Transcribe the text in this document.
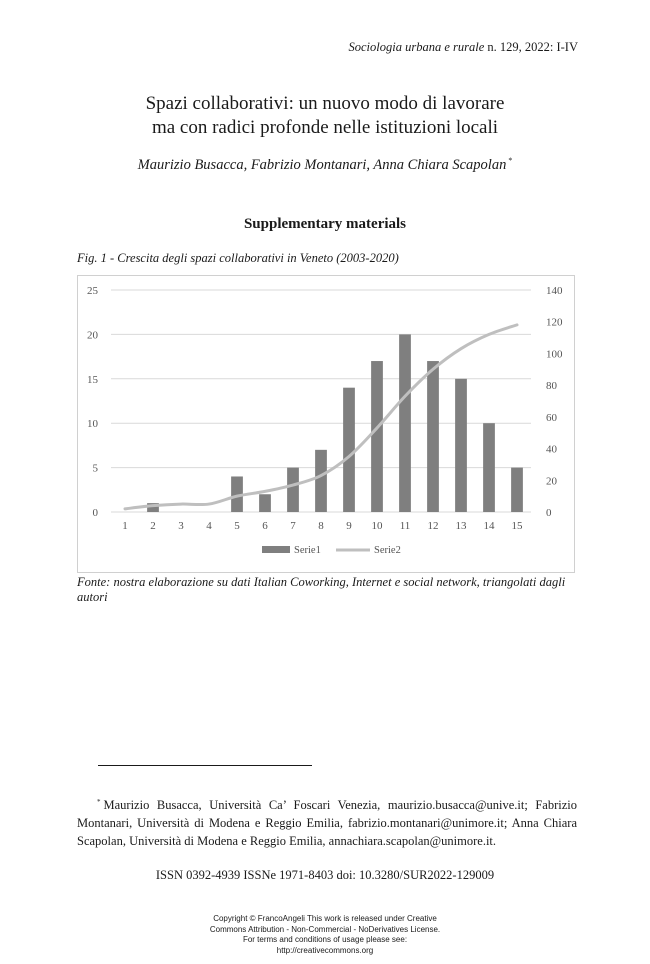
Sociologia urbana e rurale n. 129, 2022: I-IV
Spazi collaborativi: un nuovo modo di lavorare
ma con radici profonde nelle istituzioni locali
Maurizio Busacca, Fabrizio Montanari, Anna Chiara Scapolan *
Supplementary materials
Fig. 1 - Crescita degli spazi collaborativi in Veneto (2003-2020)
0
5
10
15
20
25
0
20
40
60
80
100
120
140
1 2 3 4 5 6 7 8 9 10 11 12 13 14 15
Serie1	Serie2
Fonte: nostra elaborazione su dati Italian Coworking, Internet e social network, triangolati dagli autori
* Maurizio Busacca, Università Ca’ Foscari Venezia, maurizio.busacca@unive.it; Fabrizio Montanari, Università di Modena e Reggio Emilia, fabrizio.montanari@unimore.it; Anna Chiara Scapolan, Università di Modena e Reggio Emilia, annachiara.scapolan@unimore.it.
ISSN 0392-4939 ISSNe 1971-8403 doi: 10.3280/SUR2022-129009
Copyright © FrancoAngeli This work is released under Creative
Commons Attribution - Non-Commercial - NoDerivatives License.
For terms and conditions of usage please see:
http://creativecommons.org
